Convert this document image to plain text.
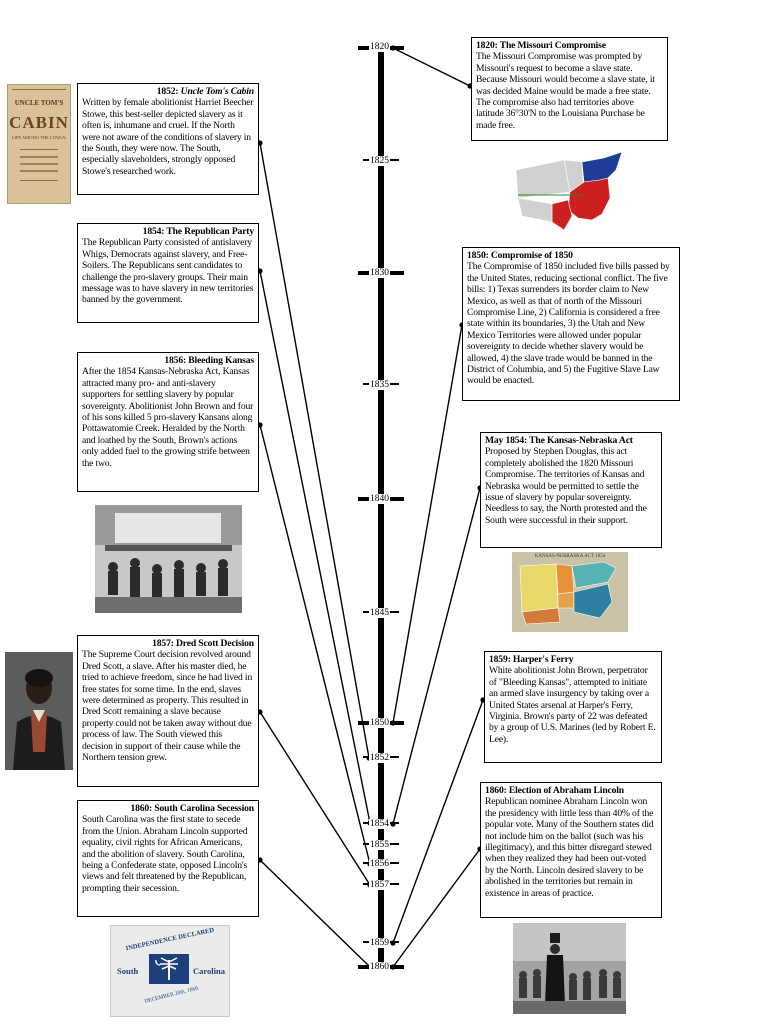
1820
1825
1830
1835
1840
1845
1850
1852
1854
1855
1856
1857
1859
1860
1852: Uncle Tom's Cabin
Written by female abolitionist Harriet Beecher Stowe, this best-seller depicted slavery as it often is, inhumane and cruel. If the North were not aware of the conditions of slavery in the South, they were now. The South, especially slaveholders, strongly opposed Stowe's researched work.
1854: The Republican Party
The Republican Party consisted of antislavery Whigs, Democrats against slavery, and Free-Soilers. The Republicans sent candidates to challenge the pro-slavery groups. Their main message was to have slavery in new territories banned by the government.
1856: Bleeding Kansas
After the 1854 Kansas-Nebraska Act, Kansas attracted many pro- and anti-slavery supporters for settling slavery by popular sovereignty. Abolitionist John Brown and four of his sons killed 5 pro-slavery Kansans along Pottawatomie Creek. Heralded by the North and loathed by the South, Brown's actions only added fuel to the growing strife between the two.
1857: Dred Scott Decision
The Supreme Court decision revolved around Dred Scott, a slave. After his master died, he tried to achieve freedom, since he had lived in free states for some time. In the end, slaves were determined as property. This resulted in Dred Scott remaining a slave because property could not be taken away without due process of law. The South viewed this decision in support of their cause while the Northern tension grew.
1860: South Carolina Secession
South Carolina was the first state to secede from the Union. Abraham Lincoln supported equality, civil rights for African Americans, and the abolition of slavery. South Carolina, being a Confederate state, opposed Lincoln's views and felt threatened by the Republican, prompting their secession.
1820: The Missouri Compromise
The Missouri Compromise was prompted by Missouri's request to become a slave state. Because Missouri would become a slave state, it was decided Maine would be made a free state. The compromise also had territories above latitude 36°30'N to the Louisiana Purchase be made free.
1850: Compromise of 1850
The Compromise of 1850 included five bills passed by the United States, reducing sectional conflict. The five bills: 1) Texas surrenders its border claim to New Mexico, as well as that of north of the Missouri Compromise Line, 2) California is considered a free state within its boundaries, 3) the Utah and New Mexico Territories were allowed under popular sovereignty to decide whether slavery would be allowed, 4) the slave trade would be banned in the District of Columbia, and 5) the Fugitive Slave Law would be enacted.
May 1854: The Kansas-Nebraska Act
Proposed by Stephen Douglas, this act completely abolished the 1820 Missouri Compromise. The territories of Kansas and Nebraska would be permitted to settle the issue of slavery by popular sovereignty. Needless to say, the North protested and the South were successful in their support.
1859: Harper's Ferry
White abolitionist John Brown, perpetrator of "Bleeding Kansas", attempted to initiate an armed slave insurgency by taking over a United States arsenal at Harper's Ferry, Virginia. Brown's party of 22 was defeated by a group of U.S. Marines (led by Robert E. Lee).
1860: Election of Abraham Lincoln
Republican nominee Abraham Lincoln won the presidency with little less than 40% of the popular vote. Many of the Southern states did not include him on the ballot (such was his illegitimacy), and this bitter disregard stewed when they realized they had been out-voted by the North. Lincoln desired slavery to be abolished in the territories but remain in existence in areas of practice.
UNCLE TOM'S
CABIN
LIFE AMONG THE LOWLY.
INDEPENDENCE DECLARED
South	Carolina
DECEMBER 20th, 1860.
KANSAS-NEBRASKA ACT 1854
